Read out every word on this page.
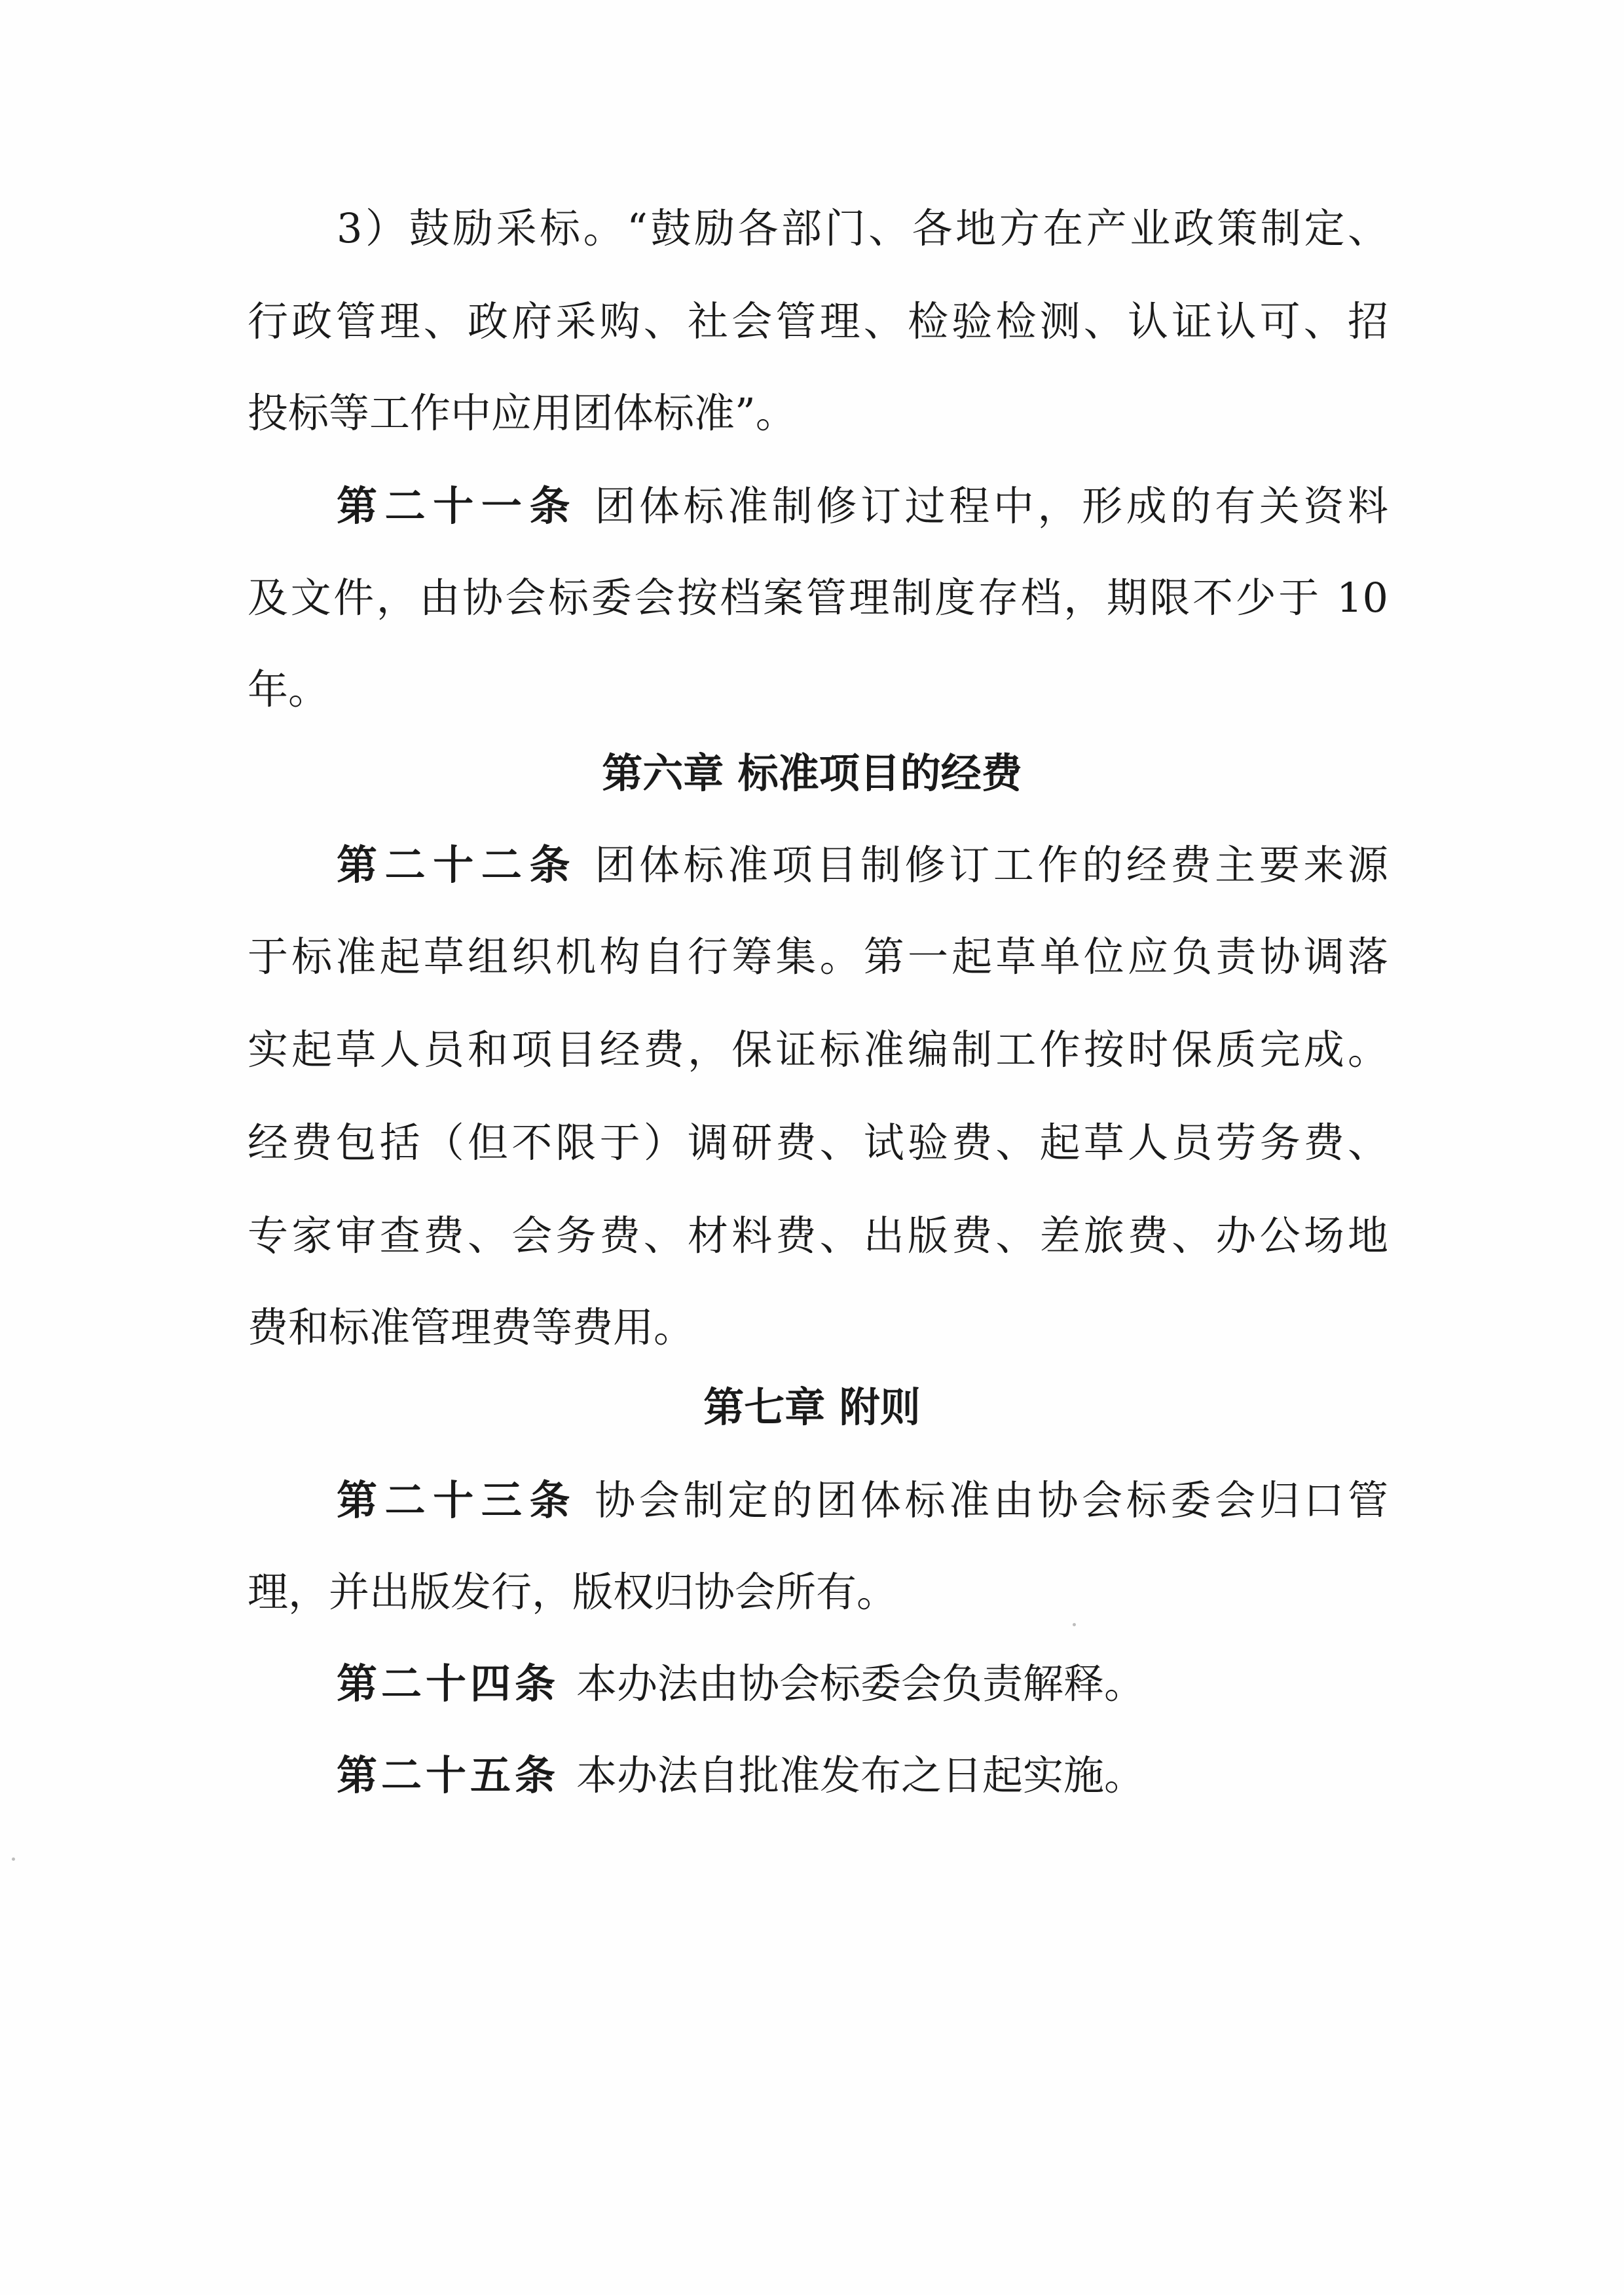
3）鼓励采标。“鼓励各部门、各地方在产业政策制定、
行政管理、政府采购、社会管理、检验检测、认证认可、招
投标等工作中应用团体标准”。
第二十一条 团体标准制修订过程中，形成的有关资料
及文件，由协会标委会按档案管理制度存档，期限不少于 10
年。
第六章 标准项目的经费
第二十二条 团体标准项目制修订工作的经费主要来源
于标准起草组织机构自行筹集。第一起草单位应负责协调落
实起草人员和项目经费，保证标准编制工作按时保质完成。
经费包括（但不限于）调研费、试验费、起草人员劳务费、
专家审查费、会务费、材料费、出版费、差旅费、办公场地
费和标准管理费等费用。
第七章 附则
第二十三条 协会制定的团体标准由协会标委会归口管
理，并出版发行，版权归协会所有。
第二十四条 本办法由协会标委会负责解释。
第二十五条 本办法自批准发布之日起实施。
